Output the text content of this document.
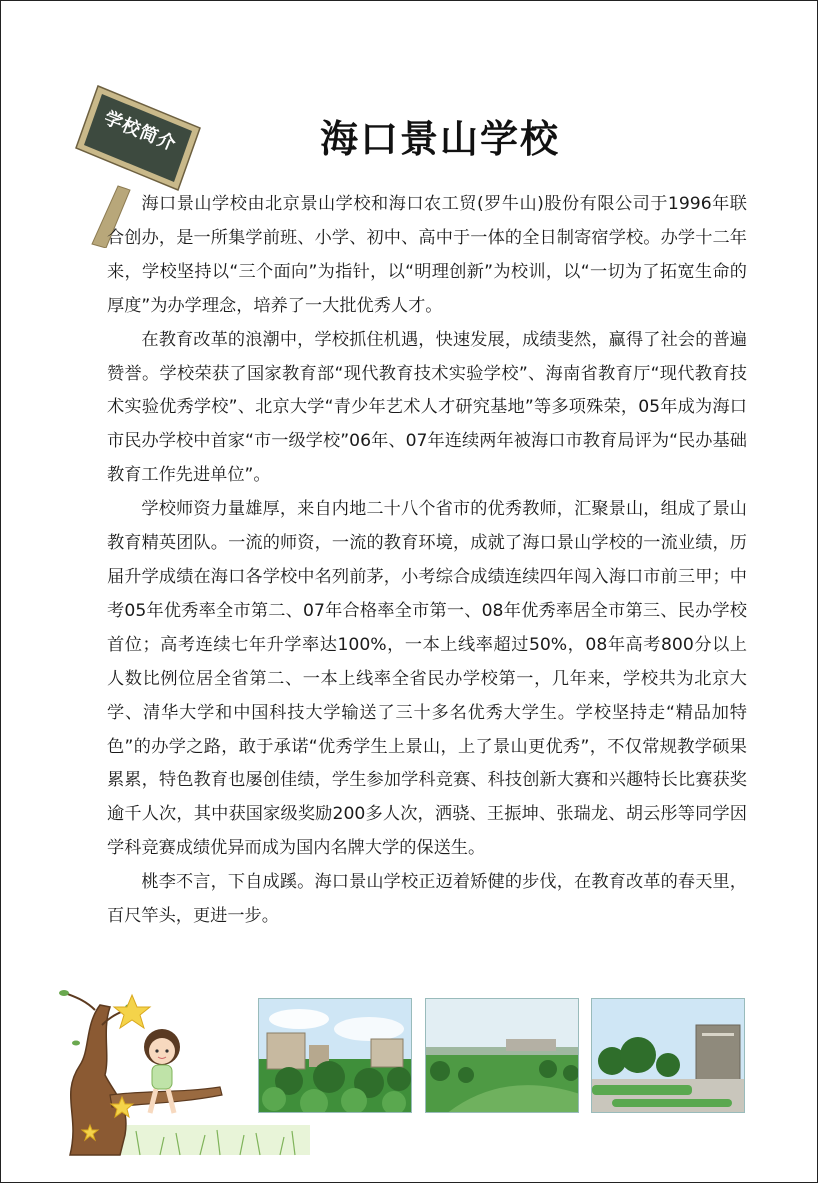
学校简介	海口景山学校

海口景山学校由北京景山学校和海口农工贸(罗牛山)股份有限公司于1996年联合创办，是一所集学前班、小学、初中、高中于一体的全日制寄宿学校。办学十二年来，学校坚持以“三个面向”为指针，以“明理创新”为校训，以“一切为了拓宽生命的厚度”为办学理念，培养了一大批优秀人才。

在教育改革的浪潮中，学校抓住机遇，快速发展，成绩斐然，赢得了社会的普遍赞誉。学校荣获了国家教育部“现代教育技术实验学校”、海南省教育厅“现代教育技术实验优秀学校”、北京大学“青少年艺术人才研究基地”等多项殊荣，05年成为海口市民办学校中首家“市一级学校”06年、07年连续两年被海口市教育局评为“民办基础教育工作先进单位”。

学校师资力量雄厚，来自内地二十八个省市的优秀教师，汇聚景山，组成了景山教育精英团队。一流的师资，一流的教育环境，成就了海口景山学校的一流业绩，历届升学成绩在海口各学校中名列前茅，小考综合成绩连续四年闯入海口市前三甲；中考05年优秀率全市第二、07年合格率全市第一、08年优秀率居全市第三、民办学校首位；高考连续七年升学率达100%，一本上线率超过50%，08年高考800分以上人数比例位居全省第二、一本上线率全省民办学校第一，几年来，学校共为北京大学、清华大学和中国科技大学输送了三十多名优秀大学生。学校坚持走“精品加特色”的办学之路，敢于承诺“优秀学生上景山，上了景山更优秀”，不仅常规教学硕果累累，特色教育也屡创佳绩，学生参加学科竞赛、科技创新大赛和兴趣特长比赛获奖逾千人次，其中获国家级奖励200多人次，洒骁、王振坤、张瑞龙、胡云彤等同学因学科竞赛成绩优异而成为国内名牌大学的保送生。

桃李不言，下自成蹊。海口景山学校正迈着矫健的步伐，在教育改革的春天里，百尺竿头，更进一步。
